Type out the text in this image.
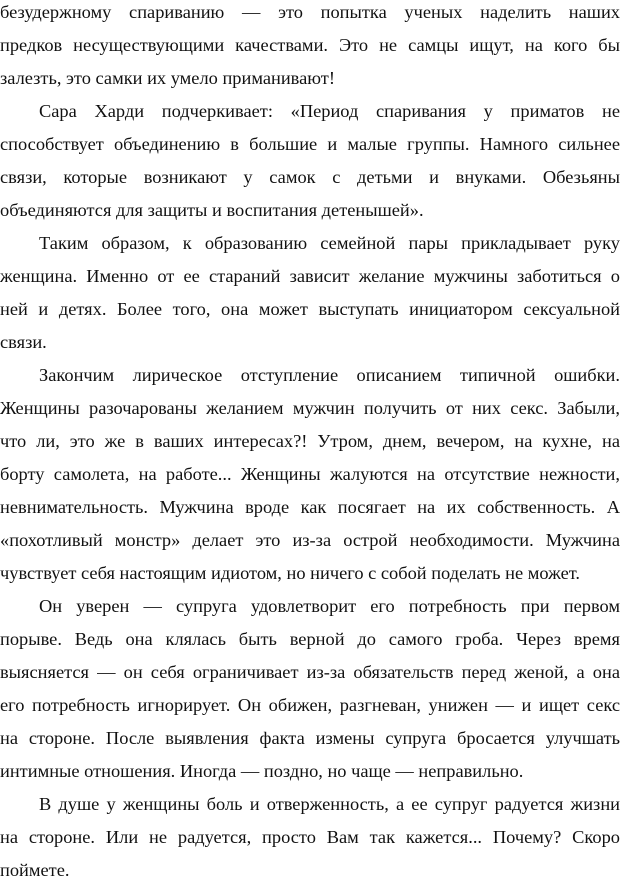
безудержному спариванию — это попытка ученых наделить наших
предков несуществующими качествами. Это не самцы ищут, на кого бы
залезть, это самки их умело приманивают!
Сара Харди подчеркивает: «Период спаривания у приматов не
способствует объединению в большие и малые группы. Намного сильнее
связи, которые возникают у самок с детьми и внуками. Обезьяны
объединяются для защиты и воспитания детенышей».
Таким образом, к образованию семейной пары прикладывает руку
женщина. Именно от ее стараний зависит желание мужчины заботиться о
ней и детях. Более того, она может выступать инициатором сексуальной
связи.
Закончим лирическое отступление описанием типичной ошибки.
Женщины разочарованы желанием мужчин получить от них секс. Забыли,
что ли, это же в ваших интересах?! Утром, днем, вечером, на кухне, на
борту самолета, на работе... Женщины жалуются на отсутствие нежности,
невнимательность. Мужчина вроде как посягает на их собственность. А
«похотливый монстр» делает это из-за острой необходимости. Мужчина
чувствует себя настоящим идиотом, но ничего с собой поделать не может.
Он уверен — супруга удовлетворит его потребность при первом
порыве. Ведь она клялась быть верной до самого гроба. Через время
выясняется — он себя ограничивает из-за обязательств перед женой, а она
его потребность игнорирует. Он обижен, разгневан, унижен — и ищет секс
на стороне. После выявления факта измены супруга бросается улучшать
интимные отношения. Иногда — поздно, но чаще — неправильно.
В душе у женщины боль и отверженность, а ее супруг радуется жизни
на стороне. Или не радуется, просто Вам так кажется... Почему? Скоро
поймете.
